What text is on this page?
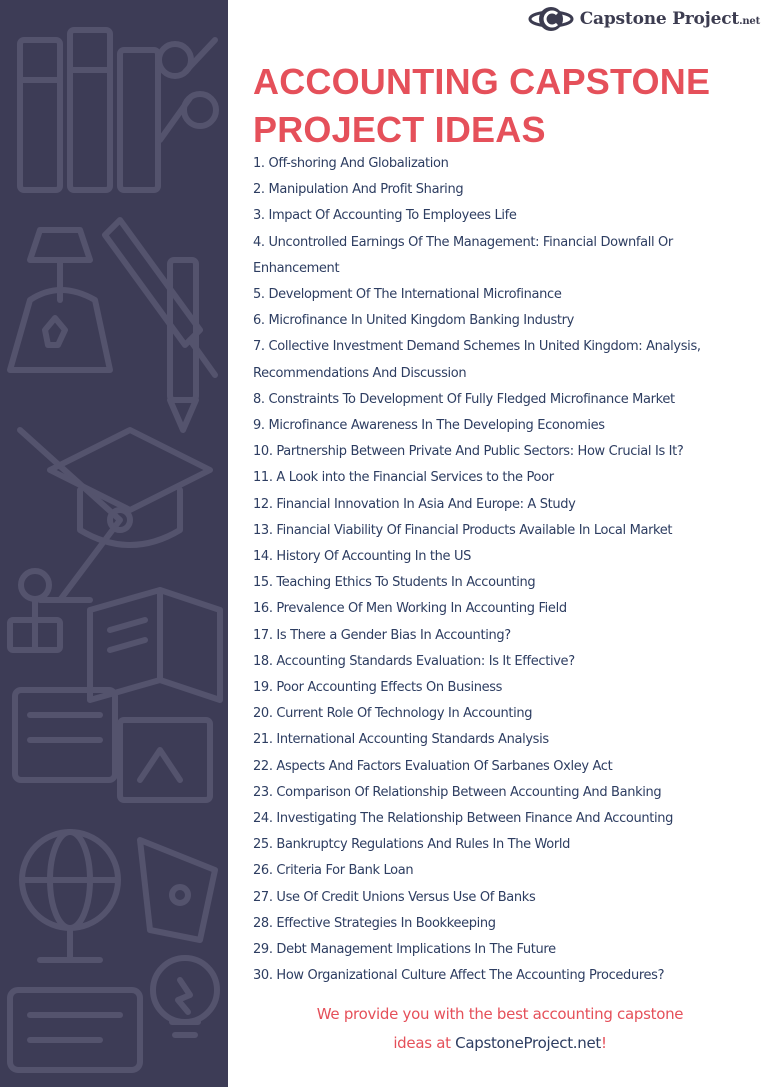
Capstone Project.net
ACCOUNTING CAPSTONE
PROJECT IDEAS
1. Off-shoring And Globalization
2. Manipulation And Profit Sharing
3. Impact Of Accounting To Employees Life
4. Uncontrolled Earnings Of The Management: Financial Downfall Or Enhancement
5. Development Of The International Microfinance
6. Microfinance In United Kingdom Banking Industry
7. Collective Investment Demand Schemes In United Kingdom: Analysis, Recommendations And Discussion
8. Constraints To Development Of Fully Fledged Microfinance Market
9. Microfinance Awareness In The Developing Economies
10. Partnership Between Private And Public Sectors: How Crucial Is It?
11. A Look into the Financial Services to the Poor
12. Financial Innovation In Asia And Europe: A Study
13. Financial Viability Of Financial Products Available In Local Market
14. History Of Accounting In the US
15. Teaching Ethics To Students In Accounting
16. Prevalence Of Men Working In Accounting Field
17. Is There a Gender Bias In Accounting?
18. Accounting Standards Evaluation: Is It Effective?
19. Poor Accounting Effects On Business
20. Current Role Of Technology In Accounting
21. International Accounting Standards Analysis
22. Aspects And Factors Evaluation Of Sarbanes Oxley Act
23. Comparison Of Relationship Between Accounting And Banking
24. Investigating The Relationship Between Finance And Accounting
25. Bankruptcy Regulations And Rules In The World
26. Criteria For Bank Loan
27. Use Of Credit Unions Versus Use Of Banks
28. Effective Strategies In Bookkeeping
29. Debt Management Implications In The Future
30. How Organizational Culture Affect The Accounting Procedures?
We provide you with the best accounting capstone
ideas at CapstoneProject.net!
